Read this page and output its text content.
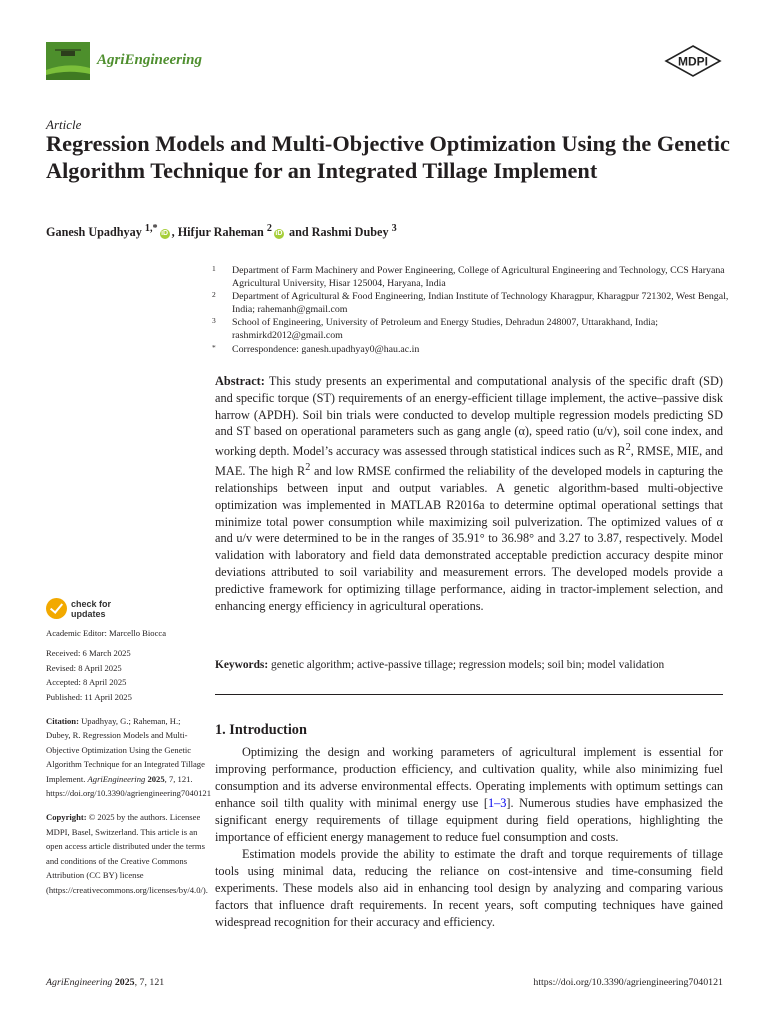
AgriEngineering	MDPI
Article
Regression Models and Multi-Objective Optimization Using the Genetic Algorithm Technique for an Integrated Tillage Implement
Ganesh Upadhyay $^{1,*}$ iD , Hifjur Raheman $^2$ iD and Rashmi Dubey $^3$
1 Department of Farm Machinery and Power Engineering, College of Agricultural Engineering and Technology, CCS Haryana Agricultural University, Hisar 125004, Haryana, India
2 Department of Agricultural & Food Engineering, Indian Institute of Technology Kharagpur, Kharagpur 721302, West Bengal, India; rahemanh@gmail.com
3 School of Engineering, University of Petroleum and Energy Studies, Dehradun 248007, Uttarakhand, India; rashmirkd2012@gmail.com
* Correspondence: ganesh.upadhyay0@hau.ac.in
Abstract: This study presents an experimental and computational analysis of the specific draft (SD) and specific torque (ST) requirements of an energy-efficient tillage implement, the active–passive disk harrow (APDH). Soil bin trials were conducted to develop multiple regression models predicting SD and ST based on operational parameters such as gang angle (α), speed ratio (u/v), soil cone index, and working depth. Model’s accuracy was assessed through statistical indices such as $R^2$, RMSE, MIE, and MAE. The high $R^2$ and low RMSE confirmed the reliability of the developed models in capturing the relationships between input and output variables. A genetic algorithm-based multi-objective optimization was implemented in MATLAB R2016a to determine optimal operational settings that minimize total power consumption while maximizing soil pulverization. The optimized values of α and u/v were determined to be in the ranges of 35.91° to 36.98° and 3.27 to 3.87, respectively. Model validation with laboratory and field data demonstrated acceptable prediction accuracy despite minor deviations attributed to soil variability and measurement errors. The developed models provide a predictive framework for optimizing tillage performance, aiding in tractor-implement selection, and enhancing energy efficiency in agricultural operations.
Keywords: genetic algorithm; active-passive tillage; regression models; soil bin; model validation
check for
updates
Academic Editor: Marcello Biocca
Received: 6 March 2025
Revised: 8 April 2025
Accepted: 8 April 2025
Published: 11 April 2025
Citation: Upadhyay, G.; Raheman, H.; Dubey, R. Regression Models and Multi-Objective Optimization Using the Genetic Algorithm Technique for an Integrated Tillage Implement. AgriEngineering 2025, 7, 121. https://doi.org/10.3390/agriengineering7040121
Copyright: © 2025 by the authors. Licensee MDPI, Basel, Switzerland. This article is an open access article distributed under the terms and conditions of the Creative Commons Attribution (CC BY) license (https://creativecommons.org/licenses/by/4.0/).
1. Introduction

Optimizing the design and working parameters of agricultural implement is essential for improving performance, production efficiency, and cultivation quality, while also minimizing fuel consumption and its adverse environmental effects. Operating implements with optimum settings can enhance soil tilth quality with minimal energy use [1–3]. Numerous studies have emphasized the significant energy requirements of tillage equipment during field operations, highlighting the importance of efficient energy management to reduce fuel consumption and costs.

Estimation models provide the ability to estimate the draft and torque requirements of tillage tools using minimal data, reducing the reliance on cost-intensive and time-consuming field experiments. These models also aid in enhancing tool design by analyzing and comparing various factors that influence draft requirements. In recent years, soft computing techniques have gained widespread recognition for their accuracy and efficiency.

AgriEngineering 2025, 7, 121	https://doi.org/10.3390/agriengineering7040121
